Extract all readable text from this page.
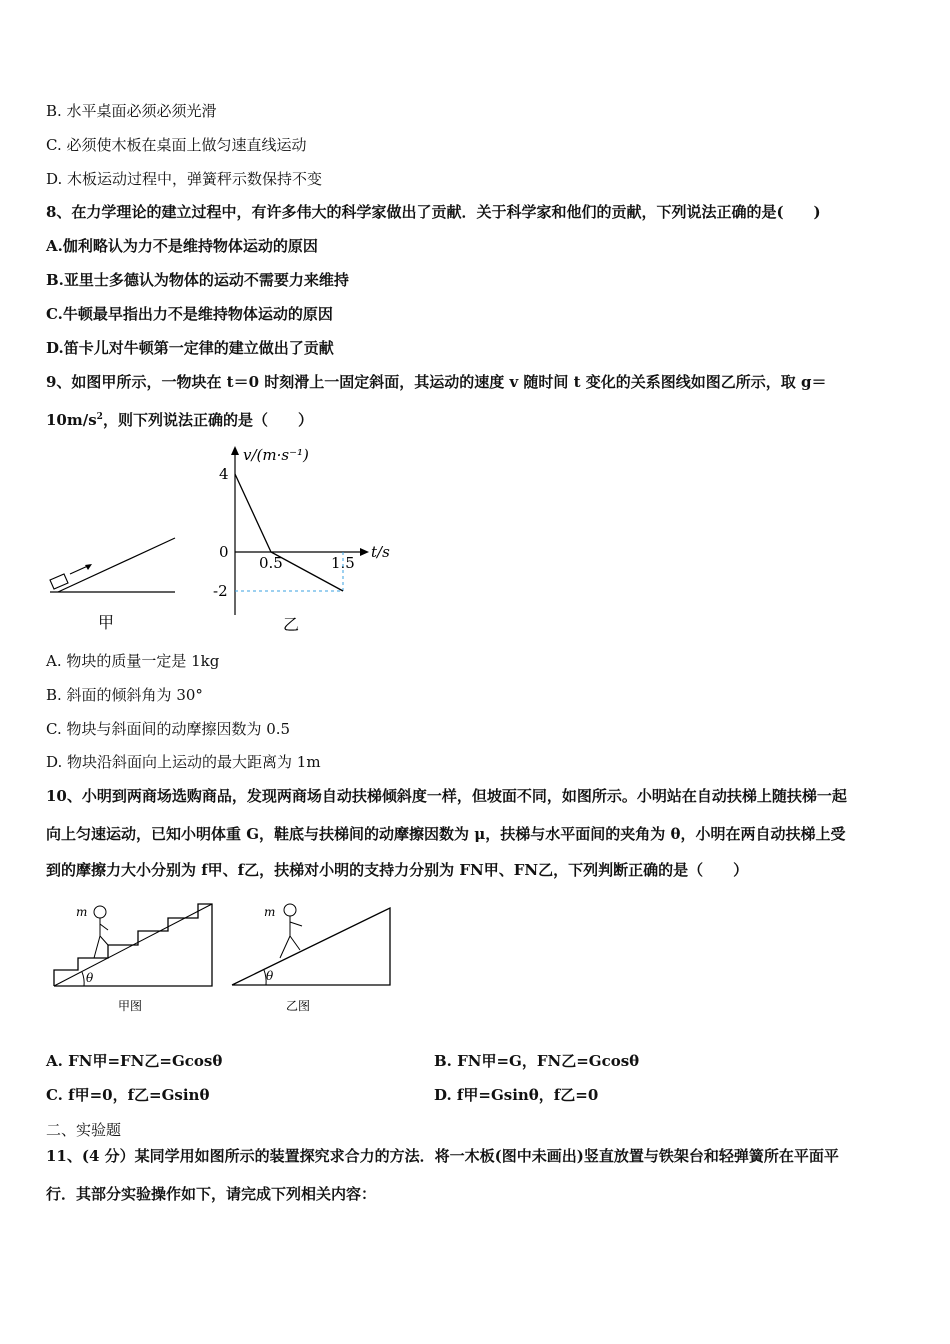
B. 水平桌面必须必须光滑
C. 必须使木板在桌面上做匀速直线运动
D. 木板运动过程中，弹簧秤示数保持不变
8、在力学理论的建立过程中，有许多伟大的科学家做出了贡献．关于科学家和他们的贡献，下列说法正确的是(　　)
A.伽利略认为力不是维持物体运动的原因
B.亚里士多德认为物体的运动不需要力来维持
C.牛顿最早指出力不是维持物体运动的原因
D.笛卡儿对牛顿第一定律的建立做出了贡献
9、如图甲所示，一物块在 t＝0 时刻滑上一固定斜面，其运动的速度 v 随时间 t 变化的关系图线如图乙所示，取 g＝
$10m/s^2$，则下列说法正确的是（　　）
甲
v/(m·s⁻¹)
t/s
4
0
-2
0.5	1.5
乙
A. 物块的质量一定是 1kg
B. 斜面的倾斜角为 30°
C. 物块与斜面间的动摩擦因数为 0.5
D. 物块沿斜面向上运动的最大距离为 1m
10、小明到两商场选购商品，发现两商场自动扶梯倾斜度一样，但坡面不同，如图所示。小明站在自动扶梯上随扶梯一起
向上匀速运动，已知小明体重 G，鞋底与扶梯间的动摩擦因数为 μ，扶梯与水平面间的夹角为 θ，小明在两自动扶梯上受
到的摩擦力大小分别为 f甲、f乙，扶梯对小明的支持力分别为 FN甲、FN乙，下列判断正确的是（　　）
θ
m
甲图
θ
m
乙图
A. FN甲=FN乙=Gcosθ	B. FN甲=G，FN乙=Gcosθ
C. f甲=0，f乙=Gsinθ	D. f甲=Gsinθ，f乙=0
二、实验题
11、(4 分）某同学用如图所示的装置探究求合力的方法．将一木板(图中未画出)竖直放置与铁架台和轻弹簧所在平面平
行．其部分实验操作如下，请完成下列相关内容：
